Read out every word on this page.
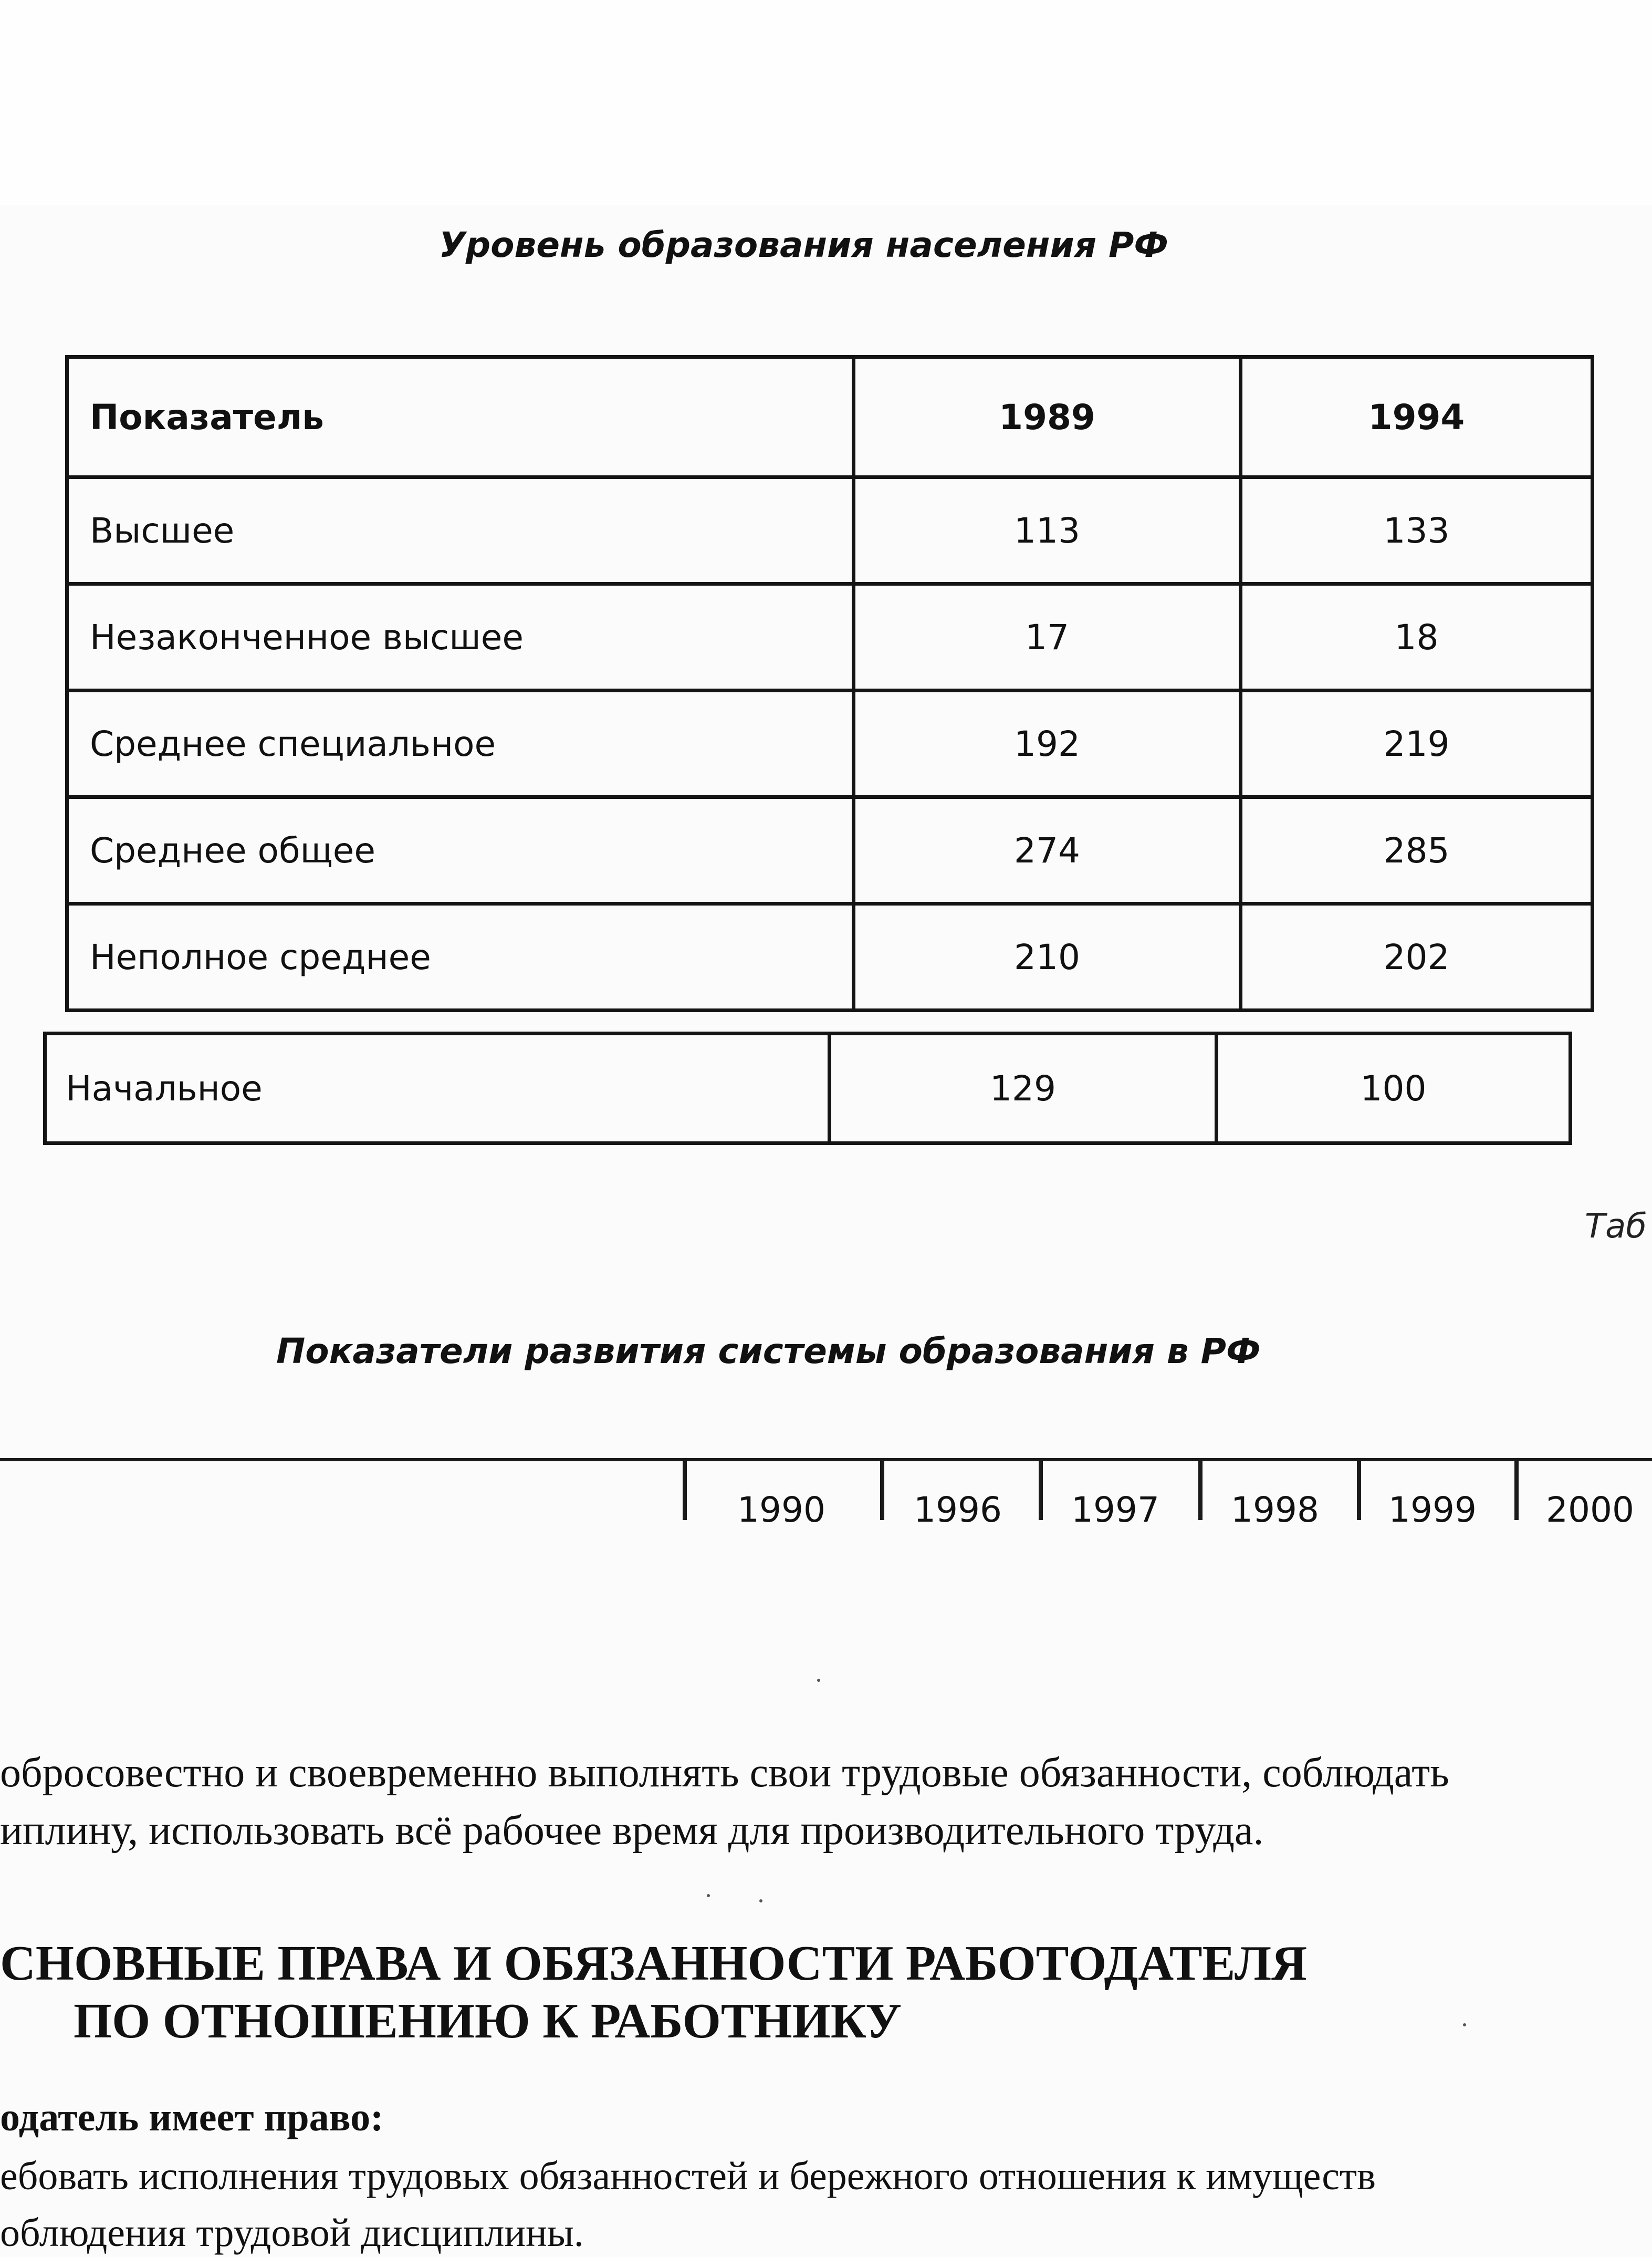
Уровень образования населения РФ
Показатель	1989	1994
Высшее	113	133
Незаконченное высшее	17	18
Среднее специальное	192	219
Среднее общее	274	285
Неполное среднее	210	202
Начальное	129	100
Таб
Показатели развития системы образования в РФ
1990	1996 1997 1998 1999 2000
обросовестно и своевременно выполнять свои трудовые обязанности, соблюдать
иплину, использовать всё рабочее время для производительного труда.
СНОВНЫЕ ПРАВА И ОБЯЗАННОСТИ РАБОТОДАТЕЛЯ
ПО ОТНОШЕНИЮ К РАБОТНИКУ
одатель имеет право:
ебовать исполнения трудовых обязанностей и бережного отношения к имуществ
облюдения трудовой дисциплины.
